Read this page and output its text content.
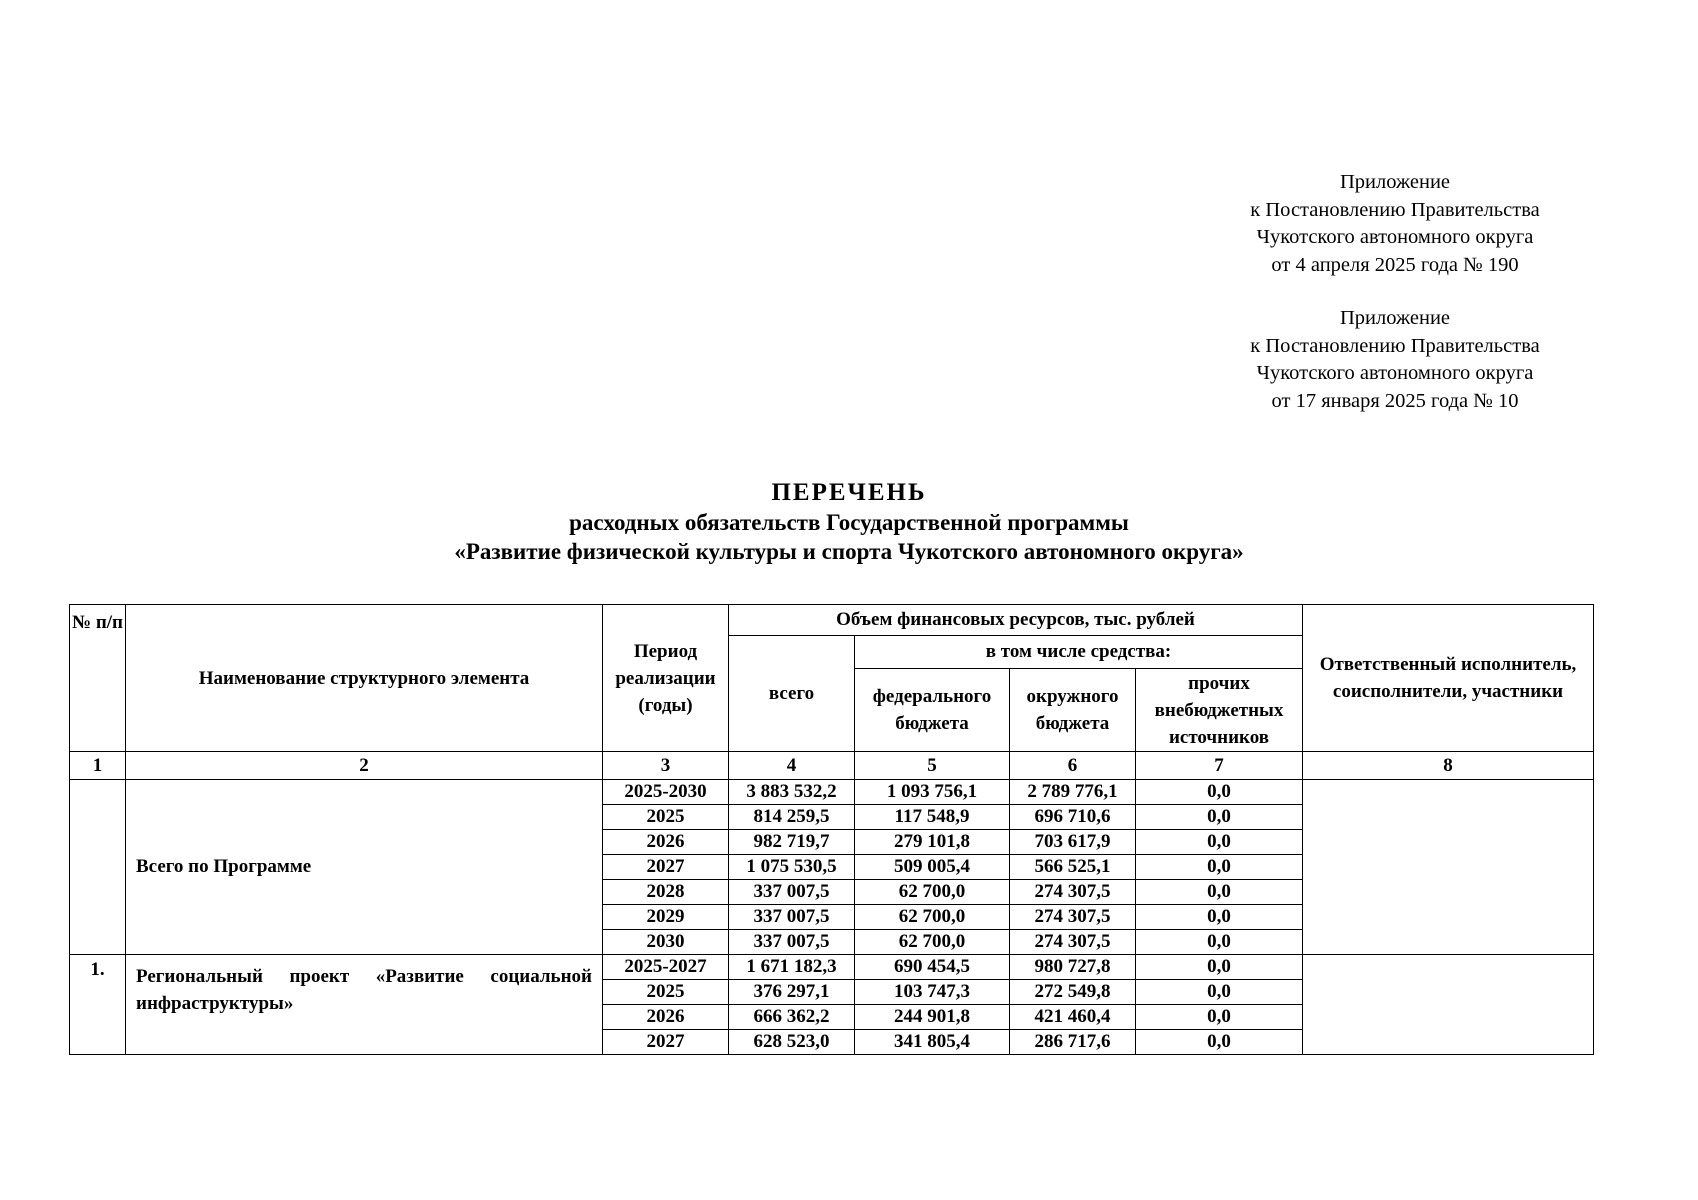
Приложение
к Постановлению Правительства
Чукотского автономного округа
от 4 апреля 2025 года № 190
Приложение
к Постановлению Правительства
Чукотского автономного округа
от 17 января 2025 года № 10
ПЕРЕЧЕНЬ
расходных обязательств Государственной программы
«Развитие физической культуры и спорта Чукотского автономного округа»
№ п/п	Наименование структурного элемента	Период реализации (годы)	Объем финансовых ресурсов, тыс. рублей				Ответственный исполнитель, соисполнители, участники
			всего	в том числе средства:			
				федерального бюджета	окружного бюджета	прочих внебюджетных источников	
1	2	3	4	5	6	7	8
	Всего по Программе	2025-2030	3 883 532,2	1 093 756,1	2 789 776,1	0,0	
		2025	814 259,5	117 548,9	696 710,6	0,0	
		2026	982 719,7	279 101,8	703 617,9	0,0	
		2027	1 075 530,5	509 005,4	566 525,1	0,0	
		2028	337 007,5	62 700,0	274 307,5	0,0	
		2029	337 007,5	62 700,0	274 307,5	0,0	
		2030	337 007,5	62 700,0	274 307,5	0,0	
1.	Региональный проект «Развитие социальной инфраструктуры»	2025-2027	1 671 182,3	690 454,5	980 727,8	0,0	
		2025	376 297,1	103 747,3	272 549,8	0,0	
		2026	666 362,2	244 901,8	421 460,4	0,0	
		2027	628 523,0	341 805,4	286 717,6	0,0	
